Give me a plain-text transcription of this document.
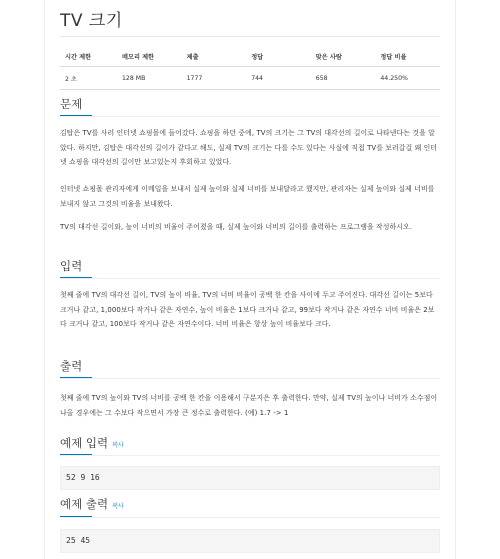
TV 크기
시간 제한	메모리 제한	제출	정답	맞은 사람	정답 비율
2 초	128 MB	1777	744	658	44.250%
문제

김탑은 TV를 사러 인터넷 쇼핑몰에 들어갔다. 쇼핑을 하던 중에, TV의 크기는 그 TV의 대각선의 길이로 나타낸다는 것을 알았다. 하지만, 김탑은 대각선의 길이가 같다고 해도, 실제 TV의 크기는 다를 수도 있다는 사실에 직접 TV를 보러갈걸 왜 인터넷 쇼핑을 대각선의 길이만 보고있는지 후회하고 있었다.

인터넷 쇼핑몰 관리자에게 이메일을 보내서 실제 높이와 실제 너비를 보내달라고 했지만, 관리자는 실제 높이와 실제 너비를 보내지 않고 그것의 비율을 보내왔다.

TV의 대각선 길이와, 높이 너비의 비율이 주어졌을 때, 실제 높이와 너비의 길이를 출력하는 프로그램을 작성하시오.

입력

첫째 줄에 TV의 대각선 길이, TV의 높이 비율, TV의 너비 비율이 공백 한 칸을 사이에 두고 주어진다. 대각선 길이는 5보다 크거나 같고, 1,000보다 작거나 같은 자연수, 높이 비율은 1보다 크거나 같고, 99보다 작거나 같은 자연수 너비 비율은 2보다 크거나 같고, 100보다 작거나 같은 자연수이다. 너비 비율은 항상 높이 비율보다 크다.

출력

첫째 줄에 TV의 높이와 TV의 너비를 공백 한 칸을 이용해서 구분지은 후 출력한다. 만약, 실제 TV의 높이나 너비가 소수점이 나올 경우에는 그 수보다 작으면서 가장 큰 정수로 출력한다. (예) 1.7 -> 1

예제 입력 복사
52 9 16
예제 출력 복사
25 45
